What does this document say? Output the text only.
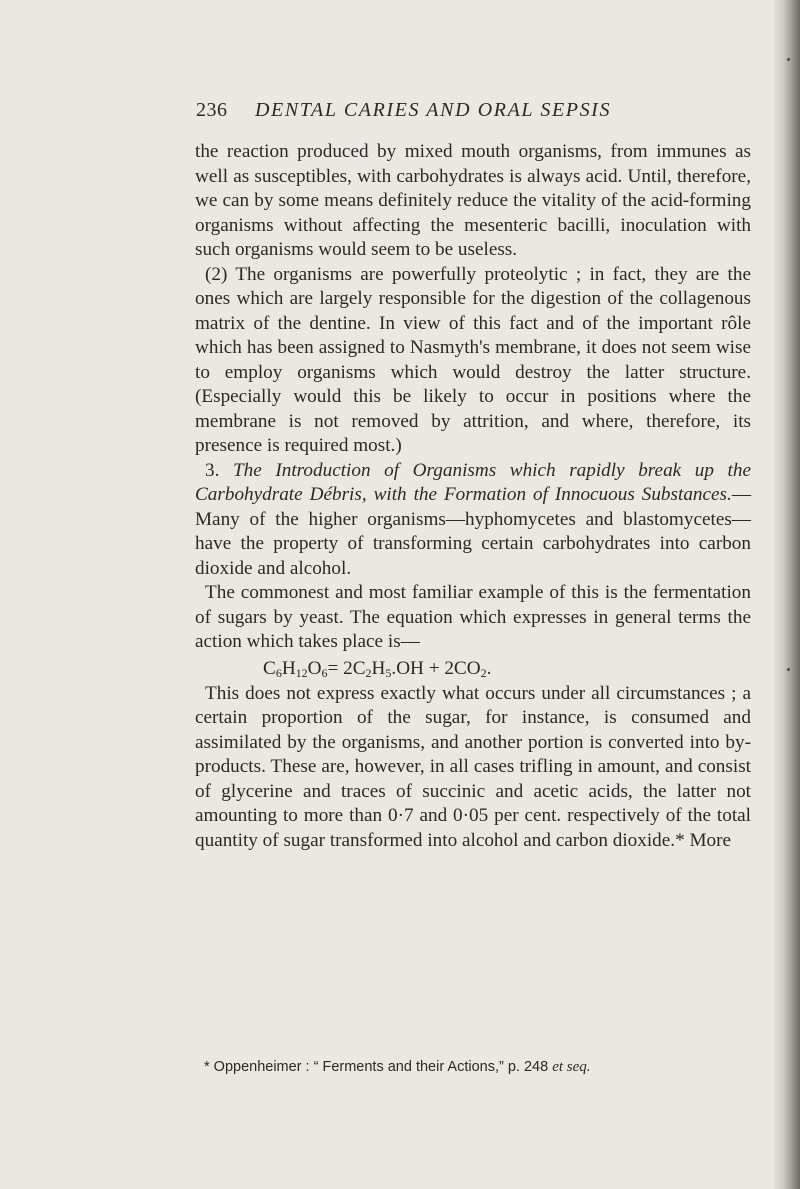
236 DENTAL CARIES AND ORAL SEPSIS

the reaction produced by mixed mouth organisms, from immunes as well as susceptibles, with carbohydrates is always acid. Until, therefore, we can by some means definitely reduce the vitality of the acid-forming organisms without affecting the mesenteric bacilli, inoculation with such organisms would seem to be useless.

(2) The organisms are powerfully proteolytic ; in fact, they are the ones which are largely responsible for the digestion of the collagenous matrix of the dentine. In view of this fact and of the important rôle which has been assigned to Nasmyth's membrane, it does not seem wise to employ organisms which would destroy the latter structure. (Especially would this be likely to occur in positions where the membrane is not removed by attrition, and where, therefore, its presence is required most.)

3. The Introduction of Organisms which rapidly break up the Carbohydrate Débris, with the Formation of Innocuous Substances.—Many of the higher organisms—hyphomycetes and blastomycetes—have the property of transforming certain carbohydrates into carbon dioxide and alcohol.

The commonest and most familiar example of this is the fermentation of sugars by yeast. The equation which expresses in general terms the action which takes place is—

$C_6H_{12}O_6= 2C_2H_5.OH + 2CO_2$.

This does not express exactly what occurs under all circumstances ; a certain proportion of the sugar, for instance, is consumed and assimilated by the organisms, and another portion is converted into by-products. These are, however, in all cases trifling in amount, and consist of glycerine and traces of succinic and acetic acids, the latter not amounting to more than 0·7 and 0·05 per cent. respectively of the total quantity of sugar transformed into alcohol and carbon dioxide.* More

* Oppenheimer : “ Ferments and their Actions,” p. 248 et seq.
